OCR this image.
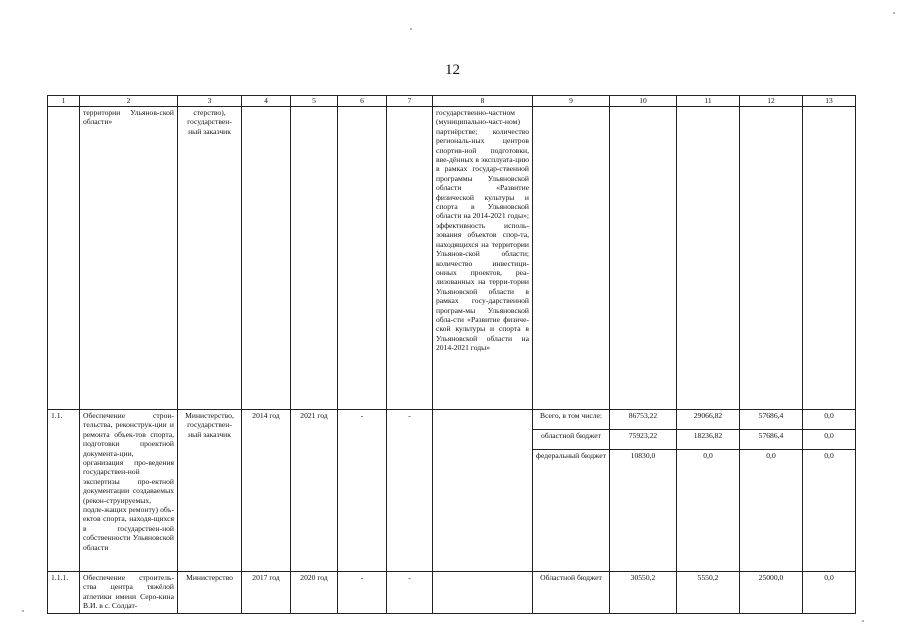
12
1	2	3	4	5	6	7	8	9	10	11	12	13
	территории Ульянов-ской области»	стерство), государствен-ный заказчик					государственно-частном (муниципально-част-ном) партнёрстве; количество региональ-ных центров спортив-ной подготовки, вве-дённых в эксплуата-цию в рамках государ-ственной программы Ульяновской области «Развитие физической культуры и спорта в Ульяновской области на 2014-2021 годы»; эффективность исполь-зования объектов спор-та, находящихся на территории Ульянов-ской области; количество инвестици-онных проектов, реа-лизованных на терри-тории Ульяновской области в рамках госу-дарственной програм-мы Ульяновской обла-сти «Развитие физиче-ской культуры и спорта в Ульяновской области на 2014-2021 годы»					
1.1.	Обеспечение строи-тельства, реконструк-ции и ремонта объек-тов спорта, подготовки проектной документа-ции, организация про-ведения государствен-ной экспертизы про-ектной документации создаваемых (рекон-струируемых, подле-жащих ремонту) объ-ектов спорта, находя-щихся в государствен-ной собственности Ульяновской области	Министерство, государствен-ный заказчик	2014 год	2021 год	-	-		Всего, в том числе:	86753,22	29066,82	57686,4	0,0
								областной бюджет	75923,22	18236,82	57686,4	0,0
								федеральный бюджет	10830,0	0,0	0,0	0,0
1.1.1.	Обеспечение строитель-ства центра тяжёлой атлетики имени Серо-кина В.И. в с. Солдат-	Министерство	2017 год	2020 год	-	-		Областной бюджет	30550,2	5550,2	25000,0	0,0
